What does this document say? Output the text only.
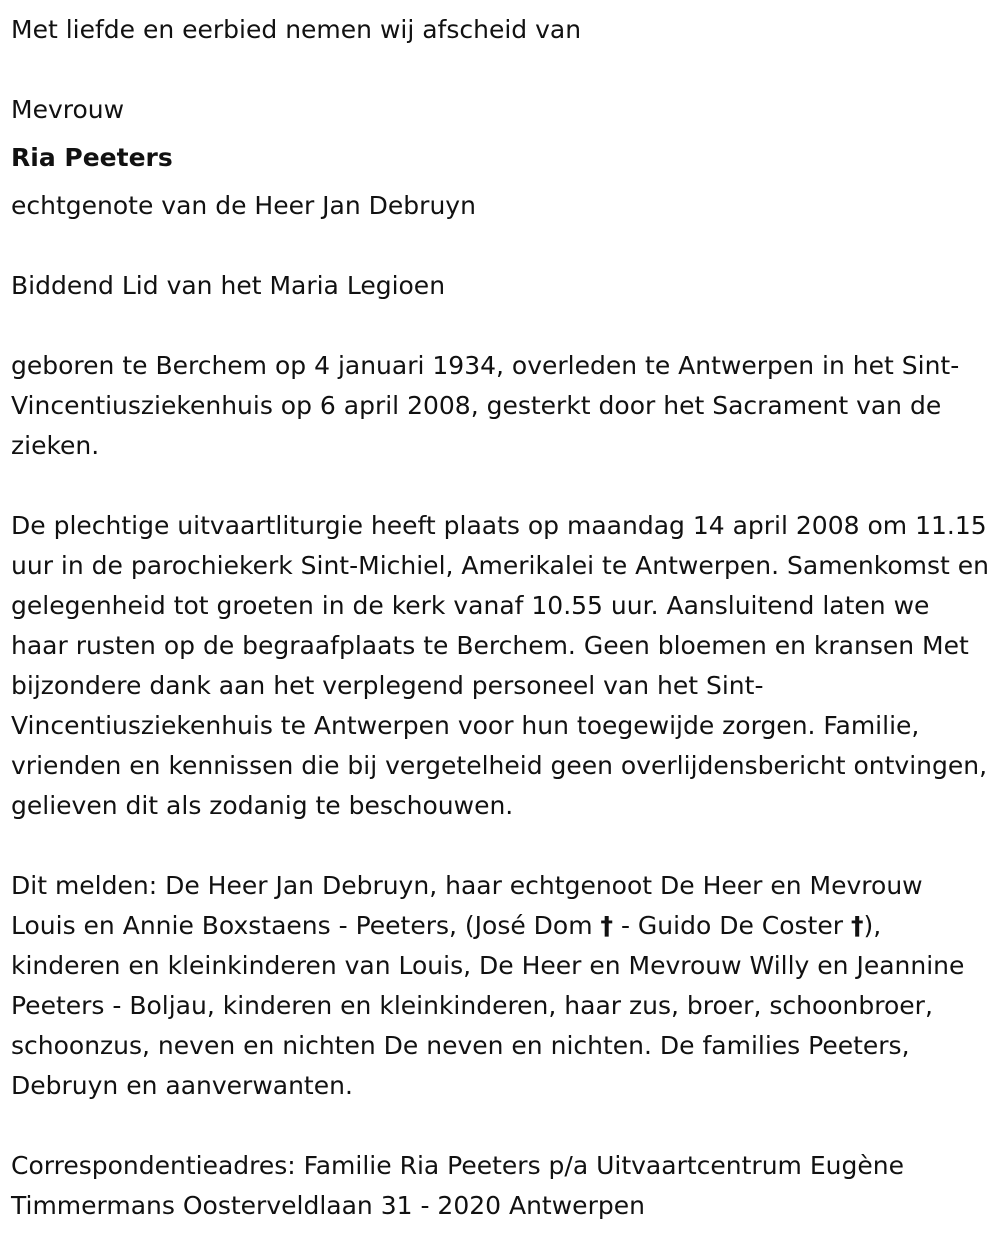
Met liefde en eerbied nemen wij afscheid van

Mevrouw

Ria Peeters

echtgenote van de Heer Jan Debruyn

Biddend Lid van het Maria Legioen

geboren te Berchem op 4 januari 1934, overleden te Antwerpen in het Sint-Vincentiusziekenhuis op 6 april 2008, gesterkt door het Sacrament van de zieken.

De plechtige uitvaartliturgie heeft plaats op maandag 14 april 2008 om 11.15 uur in de parochiekerk Sint-Michiel, Amerikalei te Antwerpen. Samenkomst en gelegenheid tot groeten in de kerk vanaf 10.55 uur. Aansluitend laten we haar rusten op de begraafplaats te Berchem. Geen bloemen en kransen Met bijzondere dank aan het verplegend personeel van het Sint-Vincentiusziekenhuis te Antwerpen voor hun toegewijde zorgen. Familie, vrienden en kennissen die bij vergetelheid geen overlijdensbericht ontvingen, gelieven dit als zodanig te beschouwen.

Dit melden: De Heer Jan Debruyn, haar echtgenoot De Heer en Mevrouw Louis en Annie Boxstaens - Peeters, (José Dom † - Guido De Coster †), kinderen en kleinkinderen van Louis, De Heer en Mevrouw Willy en Jeannine Peeters - Boljau, kinderen en kleinkinderen, haar zus, broer, schoonbroer, schoonzus, neven en nichten De neven en nichten. De families Peeters, Debruyn en aanverwanten.

Correspondentieadres: Familie Ria Peeters p/a Uitvaartcentrum Eugène Timmermans Oosterveldlaan 31 - 2020 Antwerpen
